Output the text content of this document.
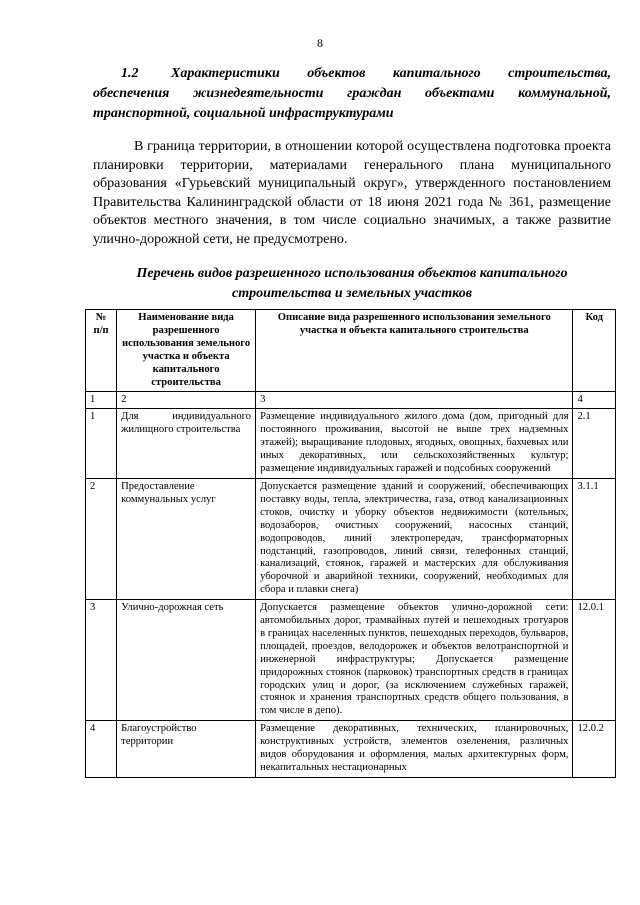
8
1.2 Характеристики объектов капитального строительства, обеспечения жизнедеятельности граждан объектами коммунальной, транспортной, социальной инфраструктурами
В граница территории, в отношении которой осуществлена подготовка проекта планировки территории, материалами генерального плана муниципального образования «Гурьевский муниципальный округ», утвержденного постановлением Правительства Калининградской области от 18 июня 2021 года № 361, размещение объектов местного значения, в том числе социально значимых, а также развитие улично-дорожной сети, не предусмотрено.
Перечень видов разрешенного использования объектов капитального строительства и земельных участков
№ п/п	Наименование вида разрешенного использования земельного участка и объекта капитального строительства	Описание вида разрешенного использования земельного участка и объекта капитального строительства	Код
1	2	3	4
1	Для индивидуального жилищного строительства	Размещение индивидуального жилого дома (дом, пригодный для постоянного проживания, высотой не выше трех надземных этажей); выращивание плодовых, ягодных, овощных, бахчевых или иных декоративных, или сельскохозяйственных культур; размещение индивидуальных гаражей и подсобных сооружений	2.1
2	Предоставление коммунальных услуг	Допускается размещение зданий и сооружений, обеспечивающих поставку воды, тепла, электричества, газа, отвод канализационных стоков, очистку и уборку объектов недвижимости (котельных, водозаборов, очистных сооружений, насосных станций, водопроводов, линий электропередач, трансформаторных подстанций, газопроводов, линий связи, телефонных станций, канализаций, стоянок, гаражей и мастерских для обслуживания уборочной и аварийной техники, сооружений, необходимых для сбора и плавки снега)	3.1.1
3	Улично-дорожная сеть	Допускается размещение объектов улично-дорожной сети: автомобильных дорог, трамвайных путей и пешеходных тротуаров в границах населенных пунктов, пешеходных переходов, бульваров, площадей, проездов, велодорожек и объектов велотранспортной и инженерной инфраструктуры; Допускается размещение придорожных стоянок (парковок) транспортных средств в границах городских улиц и дорог, (за исключением служебных гаражей, стоянок и хранения транспортных средств общего пользования, в том числе в депо).	12.0.1
4	Благоустройство территории	Размещение декоративных, технических, планировочных, конструктивных устройств, элементов озеленения, различных видов оборудования и оформления, малых архитектурных форм, некапитальных нестационарных	12.0.2
